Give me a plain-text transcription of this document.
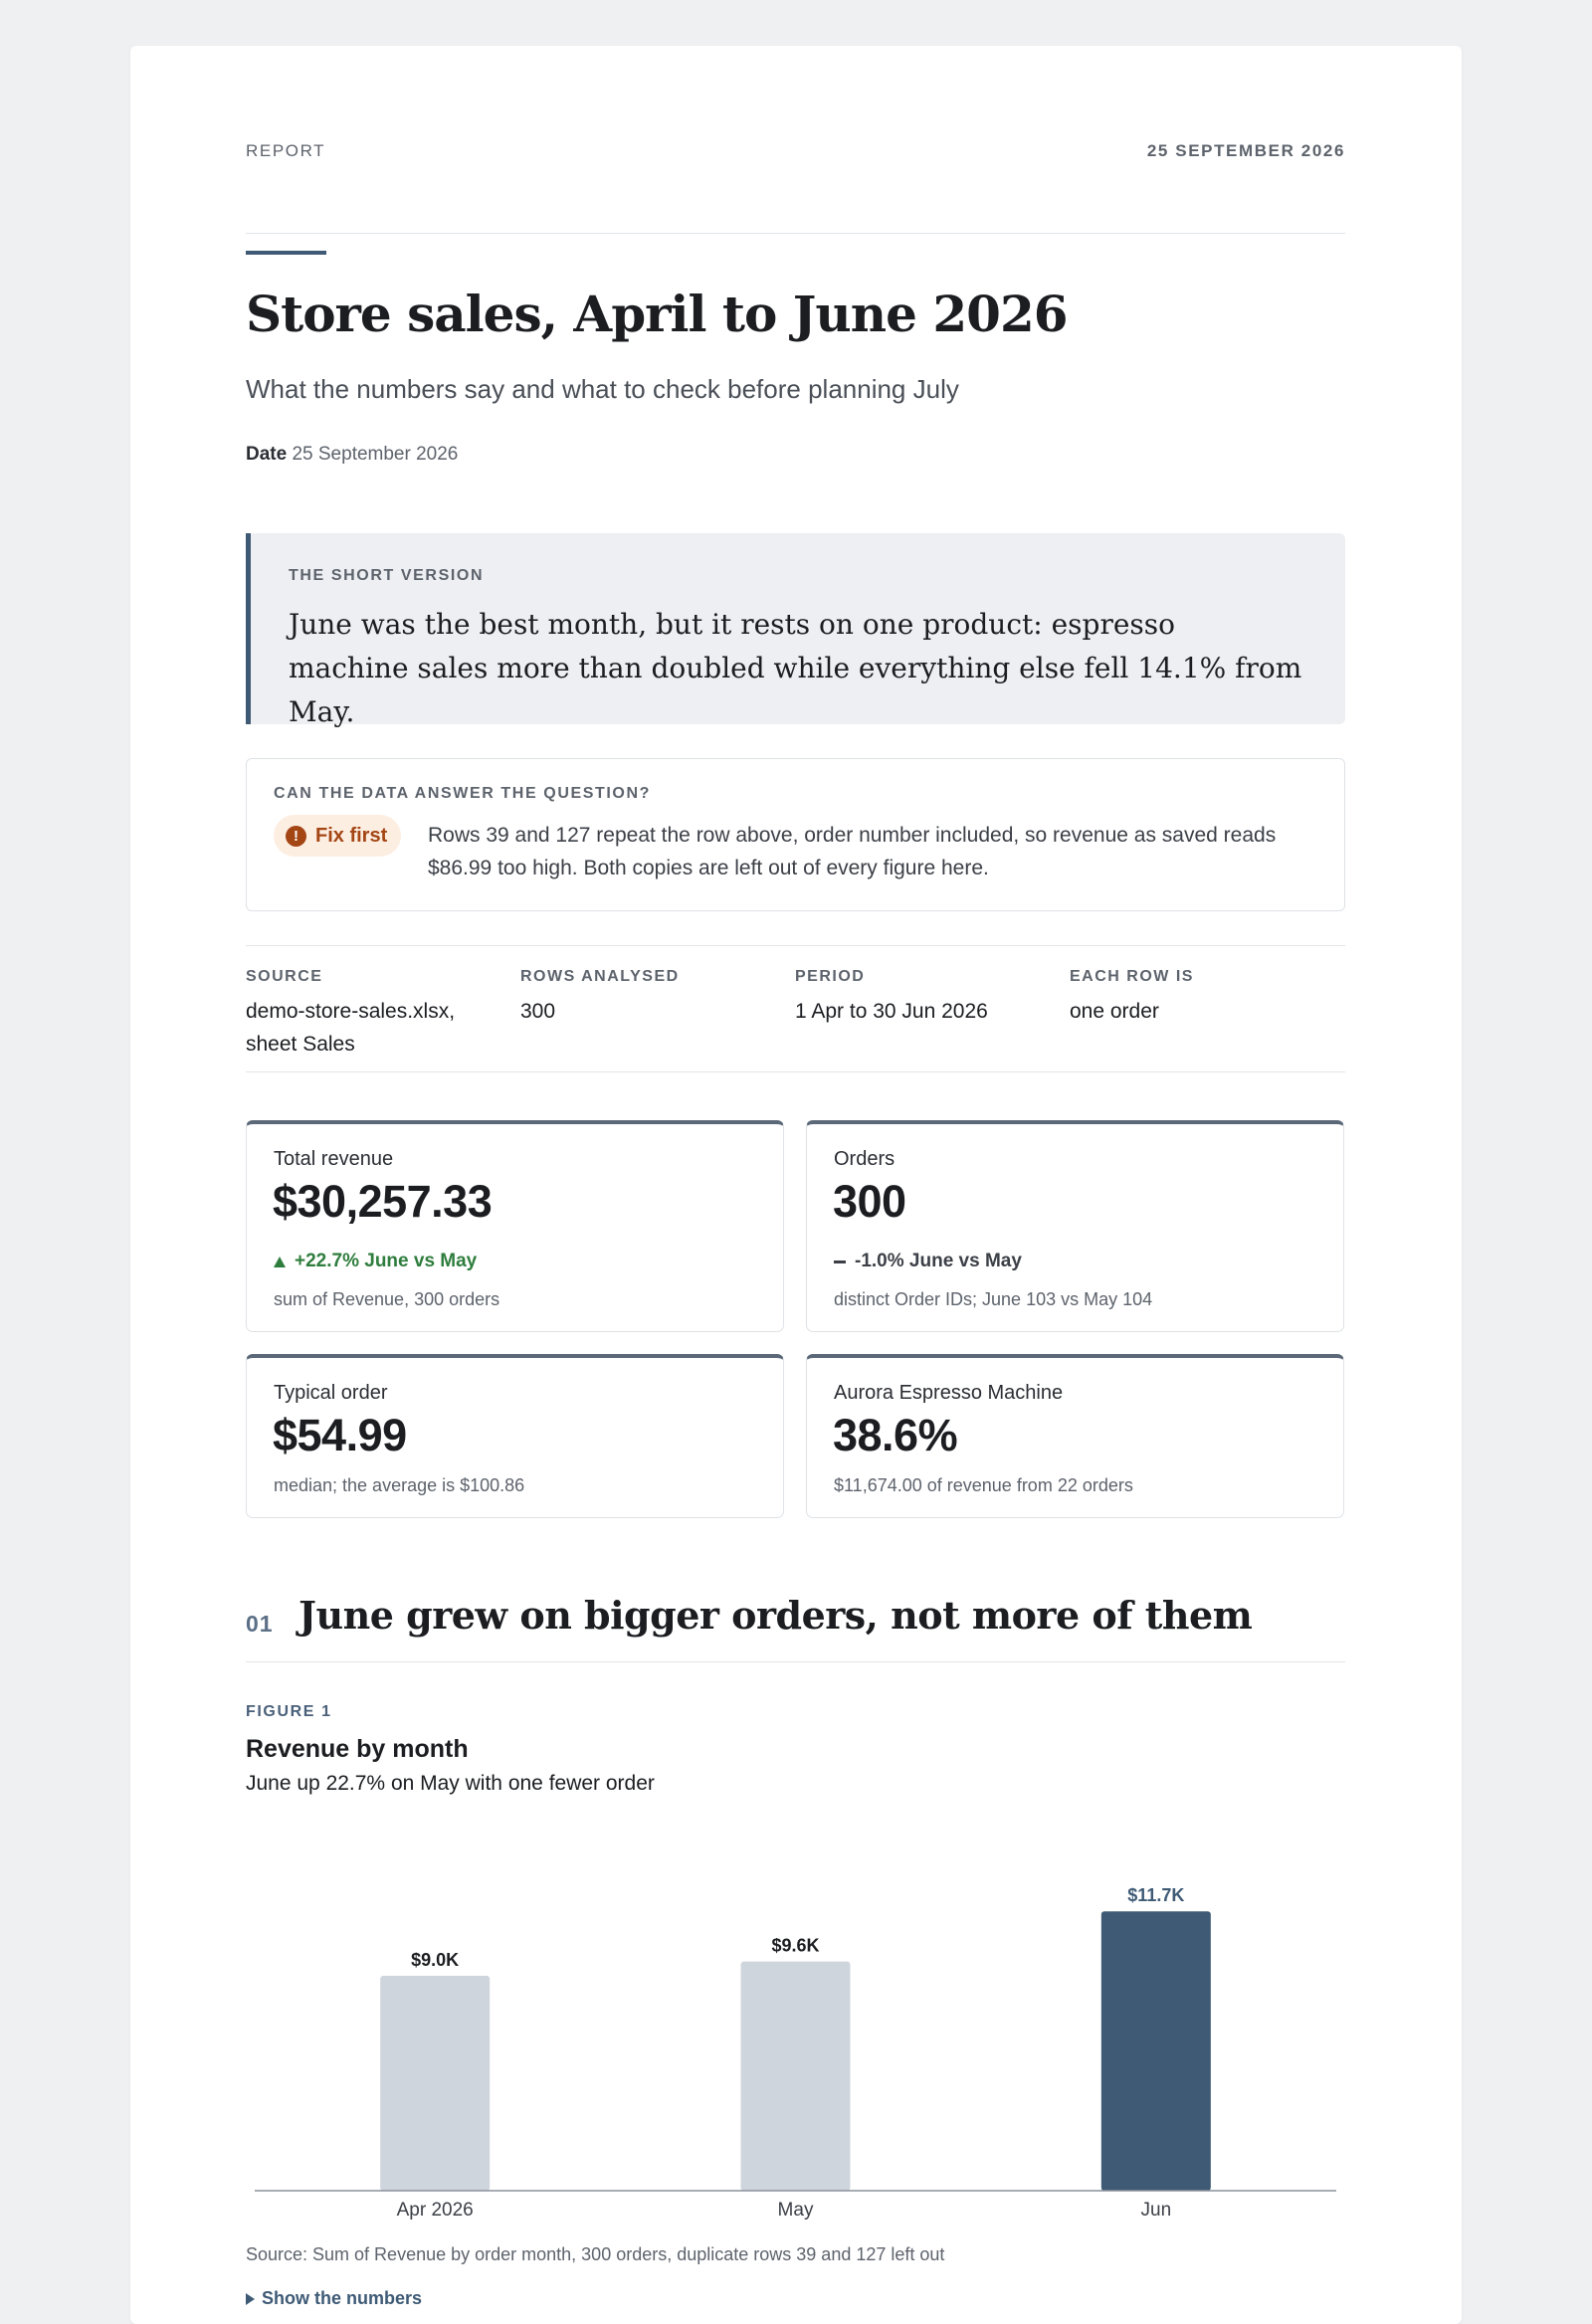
REPORT	25 SEPTEMBER 2026
Store sales, April to June 2026
What the numbers say and what to check before planning July
Date 25 September 2026
THE SHORT VERSION
June was the best month, but it rests on one product: espresso machine sales more than doubled while everything else fell 14.1% from May.
CAN THE DATA ANSWER THE QUESTION?
! Fix first Rows 39 and 127 repeat the row above, order number included, so revenue as saved reads $86.99 too high. Both copies are left out of every figure here.
SOURCE
demo-store-sales.xlsx, sheet Sales
ROWS ANALYSED
300
PERIOD
1 Apr to 30 Jun 2026
EACH ROW IS
one order
Total revenue
$30,257.33
+22.7% June vs May
sum of Revenue, 300 orders
Orders
300
-1.0% June vs May
distinct Order IDs; June 103 vs May 104
Typical order
$54.99
median; the average is $100.86
Aurora Espresso Machine
38.6%
$11,674.00 of revenue from 22 orders
01 June grew on bigger orders, not more of them
FIGURE 1
Revenue by month
June up 22.7% on May with one fewer order
$9.0K
Apr 2026
$9.6K
May
$11.7K
Jun
Source: Sum of Revenue by order month, 300 orders, duplicate rows 39 and 127 left out
Show the numbers
